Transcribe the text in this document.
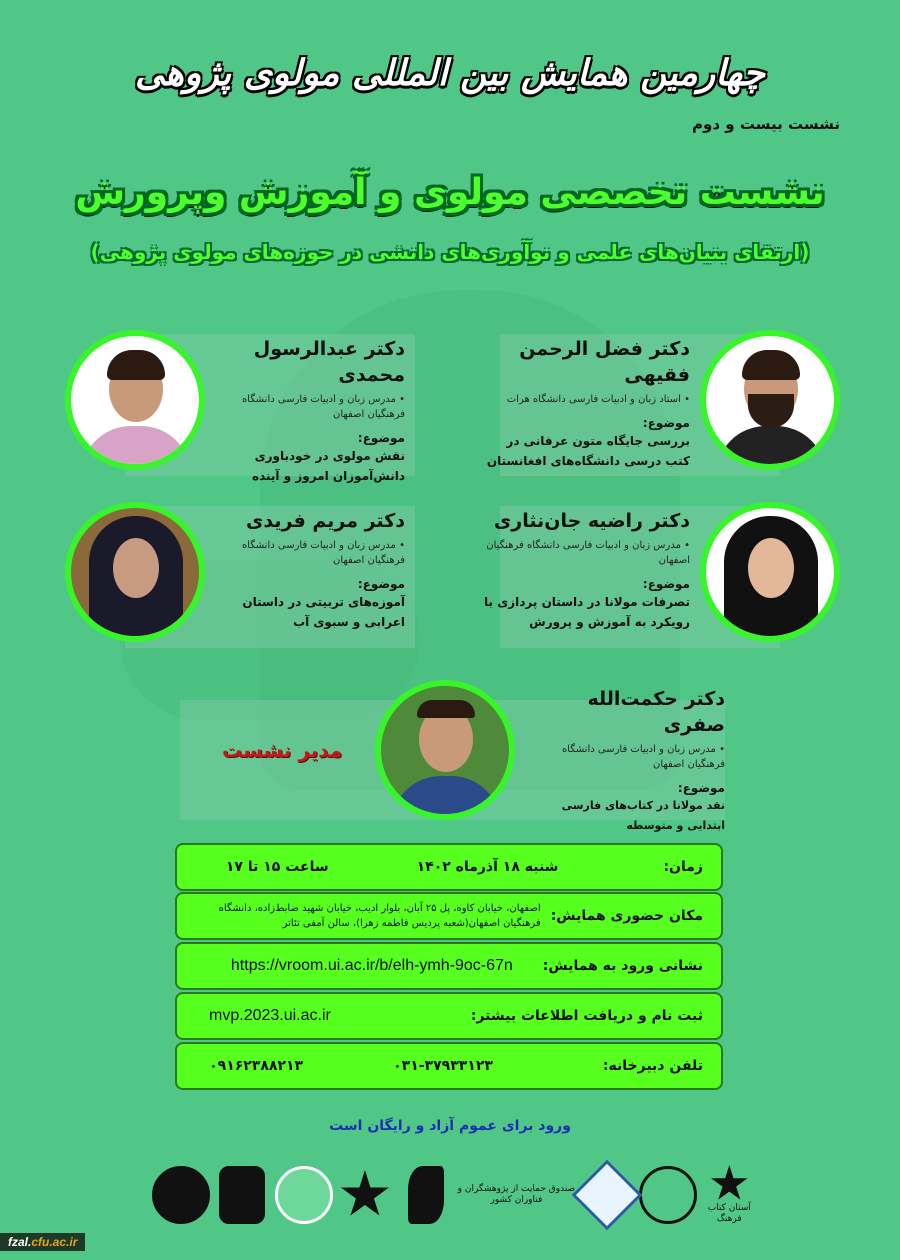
چهارمین همایش بین المللی مولوی پژوهی
نشست بیست و دوم
نشست تخصصی مولوی و آموزش وپرورش
(ارتقای بنیان‌های علمی و نوآوری‌های دانشی در حوزه‌های مولوی پژوهی)
دکتر فضل الرحمن فقیهی
• استاد زبان و ادبیات فارسی دانشگاه هرات
موضوع:
بررسی جایگاه متون عرفانی در کتب درسی دانشگاه‌های افغانستان
دکتر عبدالرسول محمدی
• مدرس زبان و ادبیات فارسی دانشگاه فرهنگیان اصفهان
موضوع:
نقش مولوی در خودباوری دانش‌آموزان امروز و آینده
دکتر راضیه جان‌نثاری
• مدرس زبان و ادبیات فارسی دانشگاه فرهنگیان اصفهان
موضوع:
تصرفات مولانا در داستان پردازی با رویکرد به آموزش و پرورش
دکتر مریم فریدی
• مدرس زبان و ادبیات فارسی دانشگاه فرهنگیان اصفهان
موضوع:
آموزه‌های تربیتی در داستان اعرابی و سبوی آب
دکتر حکمت‌الله صفری
• مدرس زبان و ادبیات فارسی دانشگاه فرهنگیان اصفهان
موضوع:
نقد مولانا در کتاب‌های فارسی ابتدایی و متوسطه
مدیر نشست
زمان:
شنبه ۱۸ آذرماه ۱۴۰۲
ساعت ۱۵ تا ۱۷
مکان حضوری همایش:
اصفهان، خیابان کاوه، پل ۲۵ آبان، بلوار ادیب، خیابان شهید ضابط‌زاده، دانشگاه
فرهنگیان اصفهان(شعبه پردیس فاطمه زهرا)، سالن آمفی تئاتر
نشانی ورود به همایش:
https://vroom.ui.ac.ir/b/elh-ymh-9oc-67n
ثبت نام و دریافت اطلاعات بیشتر:
mvp.2023.ui.ac.ir
تلفن دبیرخانه:
۰۳۱-۳۷۹۳۳۱۲۳
۰۹۱۶۲۳۸۸۲۱۳
ورود برای عموم آزاد و رایگان است
صندوق حمایت از پژوهشگران و فناوران کشور
آستان کتاب فرهنگ
fzal.cfu.ac.ir
